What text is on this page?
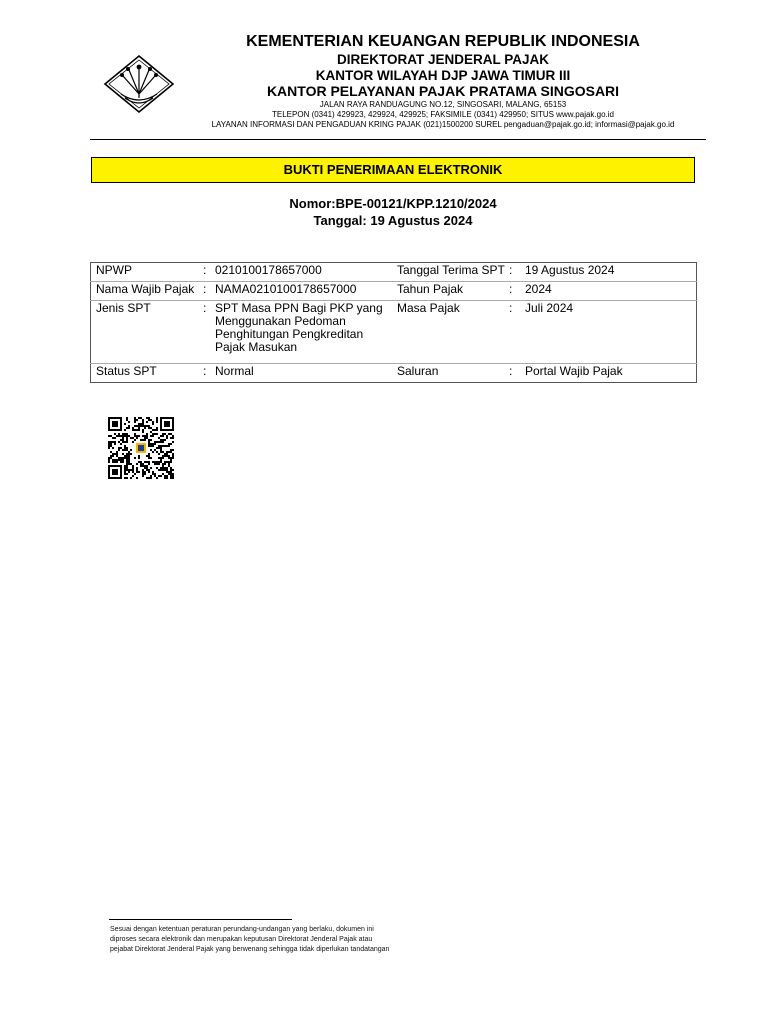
KEMENTERIAN KEUANGAN REPUBLIK INDONESIA
DIREKTORAT JENDERAL PAJAK
KANTOR WILAYAH DJP JAWA TIMUR III
KANTOR PELAYANAN PAJAK PRATAMA SINGOSARI
JALAN RAYA RANDUAGUNG NO.12, SINGOSARI, MALANG, 65153
TELEPON (0341) 429923, 429924, 429925; FAKSIMILE (0341) 429950; SITUS www.pajak.go.id
LAYANAN INFORMASI DAN PENGADUAN KRING PAJAK (021)1500200 SUREL pengaduan@pajak.go.id; informasi@pajak.go.id
BUKTI PENERIMAAN ELEKTRONIK
Nomor:BPE-00121/KPP.1210/2024
Tanggal: 19 Agustus 2024
NPWP	:	0210100178657000	Tanggal Terima SPT	:	19 Agustus 2024
Nama Wajib Pajak	:	NAMA0210100178657000	Tahun Pajak	:	2024
Jenis SPT	:	SPT Masa PPN Bagi PKP yang Menggunakan Pedoman Penghitungan Pengkreditan Pajak Masukan	Masa Pajak	:	Juli 2024
Status SPT	:	Normal	Saluran	:	Portal Wajib Pajak
Sesuai dengan ketentuan peraturan perundang-undangan yang berlaku, dokumen ini
diproses secara elektronik dan merupakan keputusan Direktorat Jenderal Pajak atau
pejabat Direktorat Jenderal Pajak yang berwenang sehingga tidak diperlukan tandatangan
